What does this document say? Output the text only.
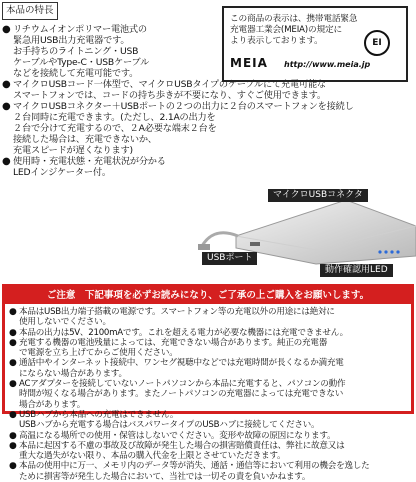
本品の特長
● リチウムイオンポリマー電池式の
緊急用USB出力充電器です。
お手持ちのライトニング・USB
ケーブルやType-C・USBケーブル
などを接続して充電可能です。
● マイクロUSBコード一体型で、マイクロUSBタイプのケーブルにて充電可能な
スマートフォンでは、コードの持ち歩きが不要になり、すぐご使用できます。
● マイクロUSBコネクター＋USBポートの２つの出力に２台のスマートフォンを接続し
２台同時に充電できます。(ただし、2.1Aの出力を
２台で分けて充電するので、２A必要な端末２台を
接続した場合は、充電できないか、
充電スピードが遅くなります)
● 使用時・充電状態・充電状況が分かる
LEDインジケーター付。
この商品の表示は、携帯電話緊急
充電器工業会(MEIA)の規定に
より表示しております。	EI
MEIA http://www.meia.jp
マイクロUSBコネクタ
USBポート
動作確認用LED
ご注意　下記事項を必ずお読みになり、ご了承の上ご購入をお願いします。
● 本品はUSB出力端子搭載の電源です。スマートフォン等の充電以外の用途には絶対に
使用しないでください。
● 本品の出力は5V、2100mAです。これを超える電力が必要な機器には充電できません。
● 充電する機器の電池残量によっては、充電できない場合があります。純正の充電器
で電源を立ち上げてからご使用ください。
● 通話中やインターネット接続中、ワンセグ視聴中などでは充電時間が長くなるか満充電
にならない場合があります。
● ACアダプターを接続していないノートパソコンから本品に充電すると、パソコンの動作
時間が短くなる場合があります。またノートパソコンの充電器によっては充電できない
場合があります。
● USBハブから本品への充電はできません。
USBハブから充電する場合はバスパワータイプのUSBハブに接続してください。
● 高温になる場所での使用・保管はしないでください。変形や故障の原因になります。
● 本品に起因する不慮の事故及び故障が発生した場合の損害賠償責任は、弊社に故意又は
重大な過失がない限り、本品の購入代金を上限とさせていただきます。
● 本品の使用中に万一、メモリ内のデータ等が消失、通話・通信等において利用の機会を逸した
ために損害等が発生した場合において、当社では一切その責を負いかねます。
